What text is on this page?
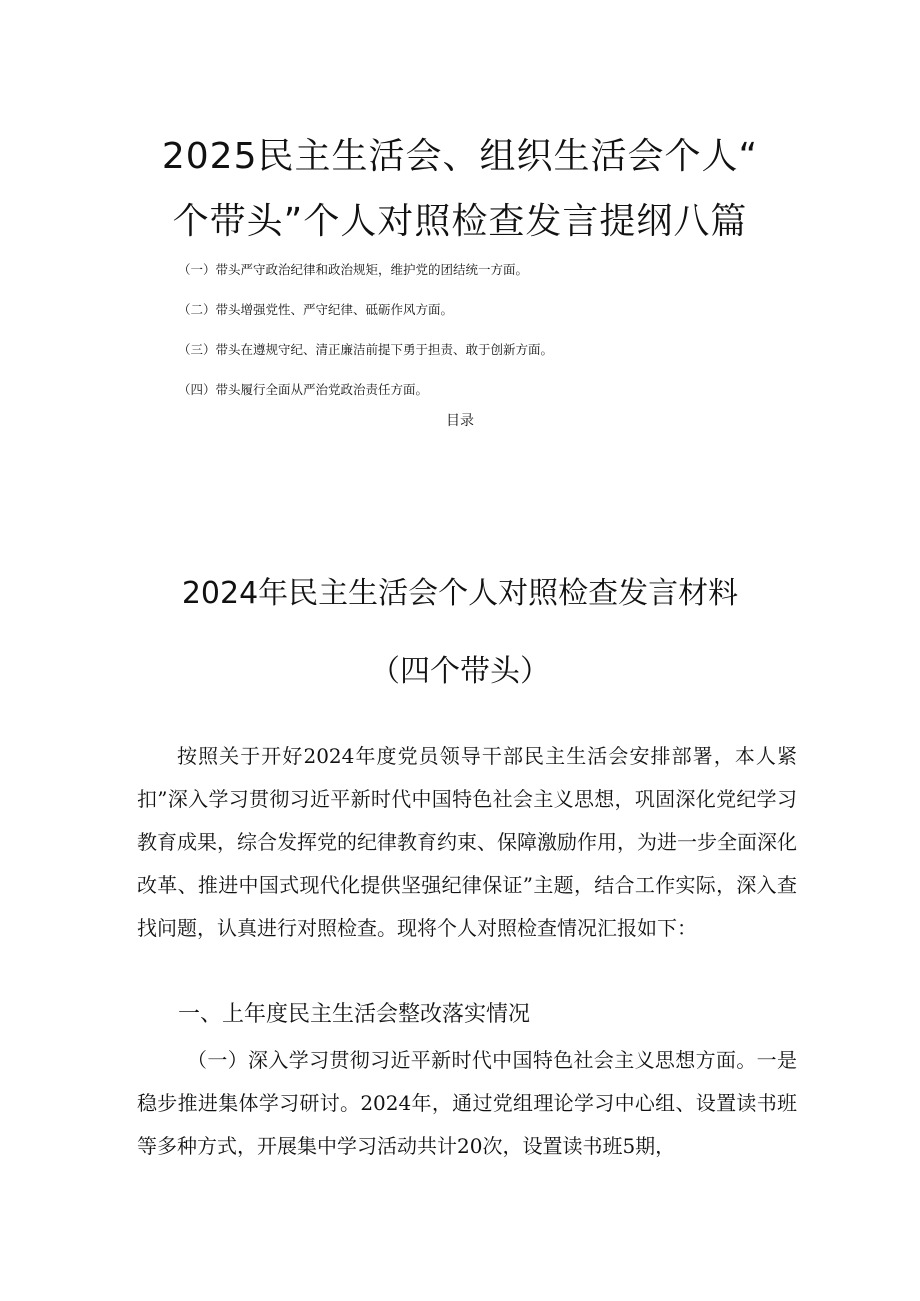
2025民主生活会、组织生活会个人“
个带头”个人对照检查发言提纲八篇
（一）带头严守政治纪律和政治规矩，维护党的团结统一方面。
（二）带头增强党性、严守纪律、砥砺作风方面。
（三）带头在遵规守纪、清正廉洁前提下勇于担责、敢于创新方面。
（四）带头履行全面从严治党政治责任方面。
目录
2024年民主生活会个人对照检查发言材料
（四个带头）

按照关于开好2024年度党员领导干部民主生活会安排部署，本人紧扣”深入学习贯彻习近平新时代中国特色社会主义思想，巩固深化党纪学习教育成果，综合发挥党的纪律教育约束、保障激励作用，为进一步全面深化改革、推进中国式现代化提供坚强纪律保证”主题，结合工作实际，深入查找问题，认真进行对照检查。现将个人对照检查情况汇报如下：

一、上年度民主生活会整改落实情况

（一）深入学习贯彻习近平新时代中国特色社会主义思想方面。一是稳步推进集体学习研讨。2024年，通过党组理论学习中心组、设置读书班等多种方式，开展集中学习活动共计20次，设置读书班5期，
